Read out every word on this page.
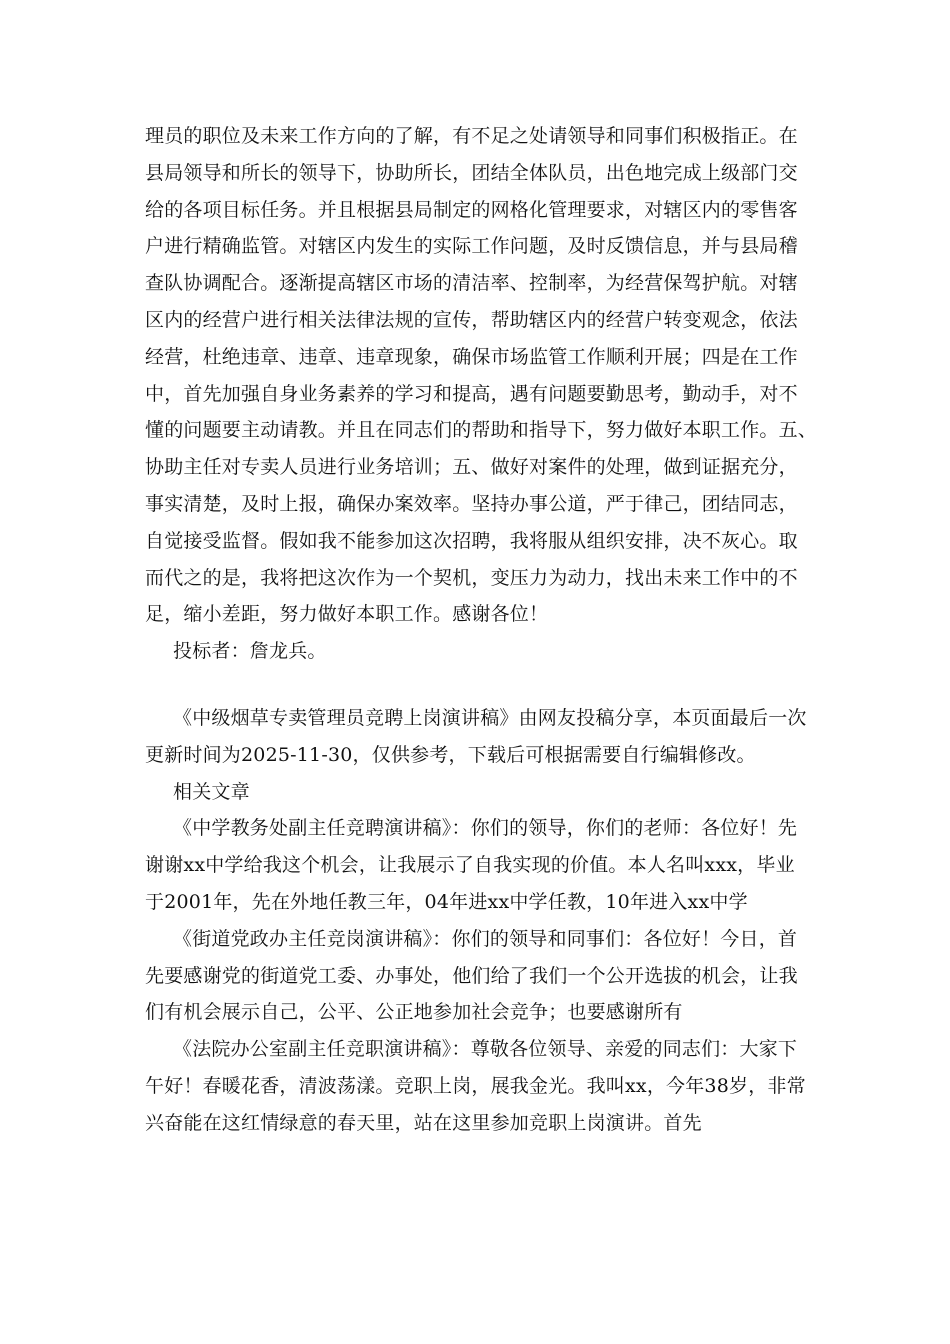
理员的职位及未来工作方向的了解，有不足之处请领导和同事们积极指正。在
县局领导和所长的领导下，协助所长，团结全体队员，出色地完成上级部门交
给的各项目标任务。并且根据县局制定的网格化管理要求，对辖区内的零售客
户进行精确监管。对辖区内发生的实际工作问题，及时反馈信息，并与县局稽
查队协调配合。逐渐提高辖区市场的清洁率、控制率，为经营保驾护航。对辖
区内的经营户进行相关法律法规的宣传，帮助辖区内的经营户转变观念，依法
经营，杜绝违章、违章、违章现象，确保市场监管工作顺利开展；四是在工作
中，首先加强自身业务素养的学习和提高，遇有问题要勤思考，勤动手，对不
懂的问题要主动请教。并且在同志们的帮助和指导下，努力做好本职工作。五、
协助主任对专卖人员进行业务培训；五、做好对案件的处理，做到证据充分，
事实清楚，及时上报，确保办案效率。坚持办事公道，严于律己，团结同志，
自觉接受监督。假如我不能参加这次招聘，我将服从组织安排，决不灰心。取
而代之的是，我将把这次作为一个契机，变压力为动力，找出未来工作中的不
足，缩小差距，努力做好本职工作。感谢各位！
投标者：詹龙兵。
《中级烟草专卖管理员竞聘上岗演讲稿》由网友投稿分享，本页面最后一次
更新时间为2025-11-30，仅供参考，下载后可根据需要自行编辑修改。
相关文章
《中学教务处副主任竞聘演讲稿》：你们的领导，你们的老师：各位好！先
谢谢xx中学给我这个机会，让我展示了自我实现的价值。本人名叫xxx，毕业
于2001年，先在外地任教三年，04年进xx中学任教，10年进入xx中学
《街道党政办主任竞岗演讲稿》：你们的领导和同事们：各位好！今日，首
先要感谢党的街道党工委、办事处，他们给了我们一个公开选拔的机会，让我
们有机会展示自己，公平、公正地参加社会竞争；也要感谢所有
《法院办公室副主任竞职演讲稿》：尊敬各位领导、亲爱的同志们：大家下
午好！春暖花香，清波荡漾。竞职上岗，展我金光。我叫xx，今年38岁，非常
兴奋能在这红情绿意的春天里，站在这里参加竞职上岗演讲。首先
